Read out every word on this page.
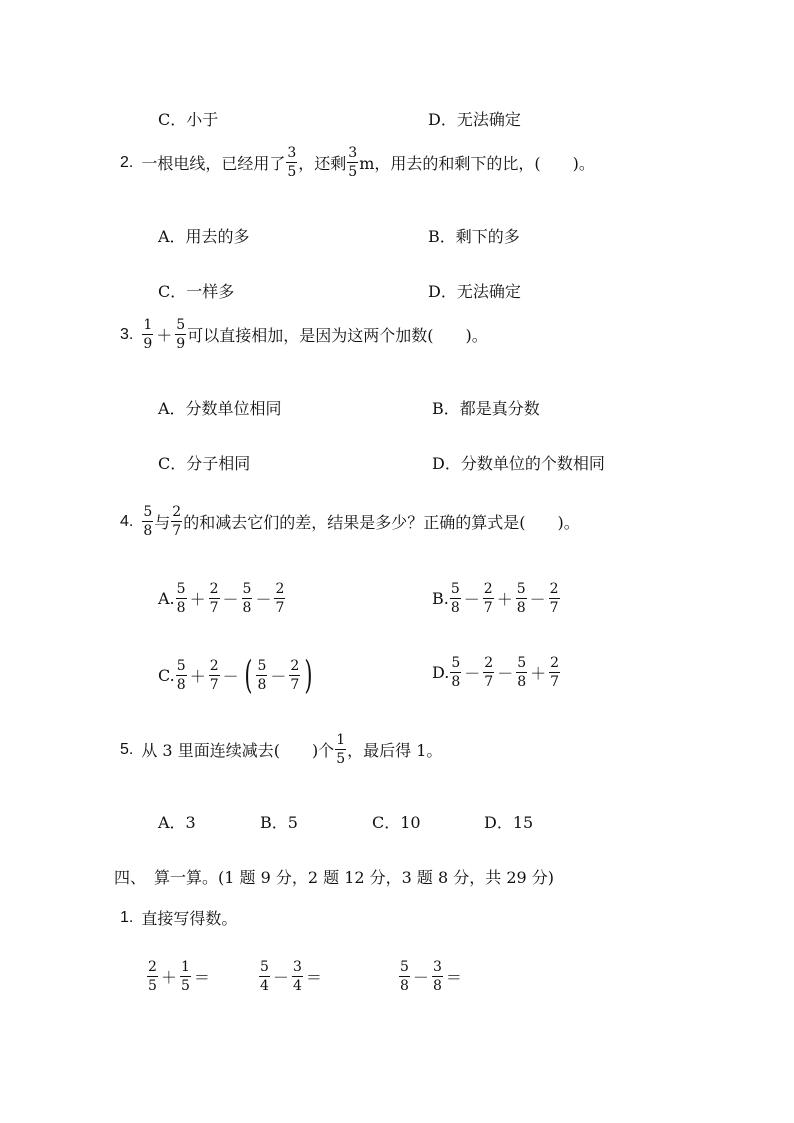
C．小于	D．无法确定
2. 一根电线，已经用了 $\frac{3}{5}$ ，还剩 $\frac{3}{5}$ m，用去的和剩下的比，(　　)。
A．用去的多	B．剩下的多
C．一样多	D．无法确定
3. $\frac{1}{9} + \frac{5}{9}$ 可以直接相加，是因为这两个加数(　　)。
A．分数单位相同	B．都是真分数
C．分子相同	D．分数单位的个数相同
4. $\frac{5}{8}$ 与 $\frac{2}{7}$ 的和减去它们的差，结果是多少？正确的算式是(　　)。
A. $\frac{5}{8} + \frac{2}{7} - \frac{5}{8} - \frac{2}{7}$	B. $\frac{5}{8} - \frac{2}{7} + \frac{5}{8} - \frac{2}{7}$
C. $\frac{5}{8} + \frac{2}{7}$ － ( $\frac{5}{8} - \frac{2}{7}$ )	D. $\frac{5}{8} - \frac{2}{7} - \frac{5}{8} + \frac{2}{7}$
5. 从 3 里面连续减去(　　)个 $\frac{1}{5}$ ，最后得 1。
A．3	B．5	C．10	D．15
四、　算一算。(1 题 9 分，2 题 12 分，3 题 8 分，共 29 分)
1. 直接写得数。
$\frac{2}{5} + \frac{1}{5}$ ＝	$\frac{5}{4} - \frac{3}{4}$ ＝	$\frac{5}{8} - \frac{3}{8}$ ＝
